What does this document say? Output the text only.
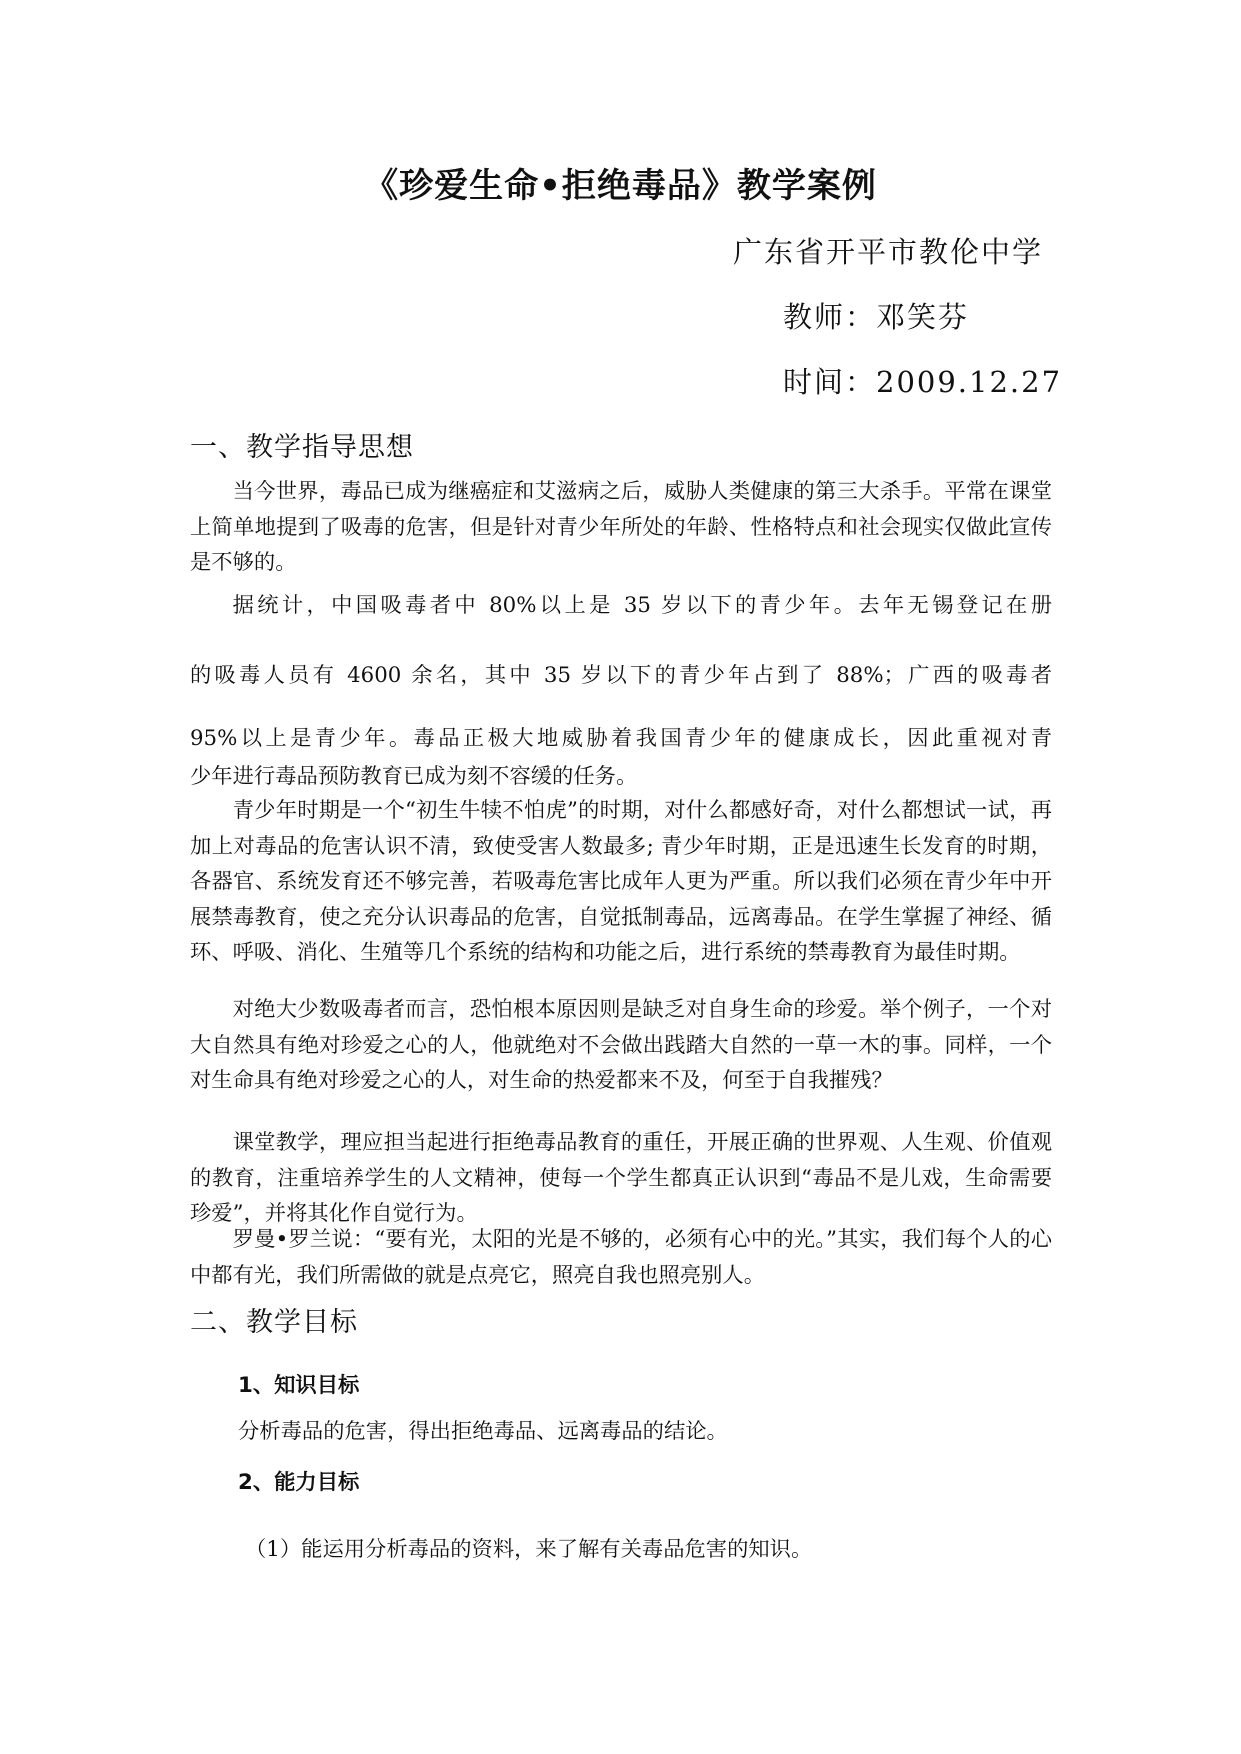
《珍爱生命•拒绝毒品》教学案例
广东省开平市教伦中学
教师：邓笑芬
时间：2009.12.27
一、教学指导思想

当今世界，毒品已成为继癌症和艾滋病之后，威胁人类健康的第三大杀手。平常在课堂上简单地提到了吸毒的危害，但是针对青少年所处的年龄、性格特点和社会现实仅做此宣传是不够的。

据统计，中国吸毒者中 80%以上是 35 岁以下的青少年。去年无锡登记在册

的吸毒人员有 4600 余名，其中 35 岁以下的青少年占到了 88%；广西的吸毒者

95%以上是青少年。毒品正极大地威胁着我国青少年的健康成长，因此重视对青

少年进行毒品预防教育已成为刻不容缓的任务。

青少年时期是一个“初生牛犊不怕虎”的时期，对什么都感好奇，对什么都想试一试，再加上对毒品的危害认识不清，致使受害人数最多; 青少年时期，正是迅速生长发育的时期，各器官、系统发育还不够完善，若吸毒危害比成年人更为严重。所以我们必须在青少年中开展禁毒教育，使之充分认识毒品的危害，自觉抵制毒品，远离毒品。在学生掌握了神经、循环、呼吸、消化、生殖等几个系统的结构和功能之后，进行系统的禁毒教育为最佳时期。

对绝大少数吸毒者而言，恐怕根本原因则是缺乏对自身生命的珍爱。举个例子，一个对大自然具有绝对珍爱之心的人，他就绝对不会做出践踏大自然的一草一木的事。同样，一个对生命具有绝对珍爱之心的人，对生命的热爱都来不及，何至于自我摧残？

课堂教学，理应担当起进行拒绝毒品教育的重任，开展正确的世界观、人生观、价值观的教育，注重培养学生的人文精神，使每一个学生都真正认识到“毒品不是儿戏，生命需要珍爱”，并将其化作自觉行为。

罗曼•罗兰说：“要有光，太阳的光是不够的，必须有心中的光。”其实，我们每个人的心中都有光，我们所需做的就是点亮它，照亮自我也照亮别人。

二、教学目标
1、知识目标
分析毒品的危害，得出拒绝毒品、远离毒品的结论。
2、能力目标
（1）能运用分析毒品的资料，来了解有关毒品危害的知识。
